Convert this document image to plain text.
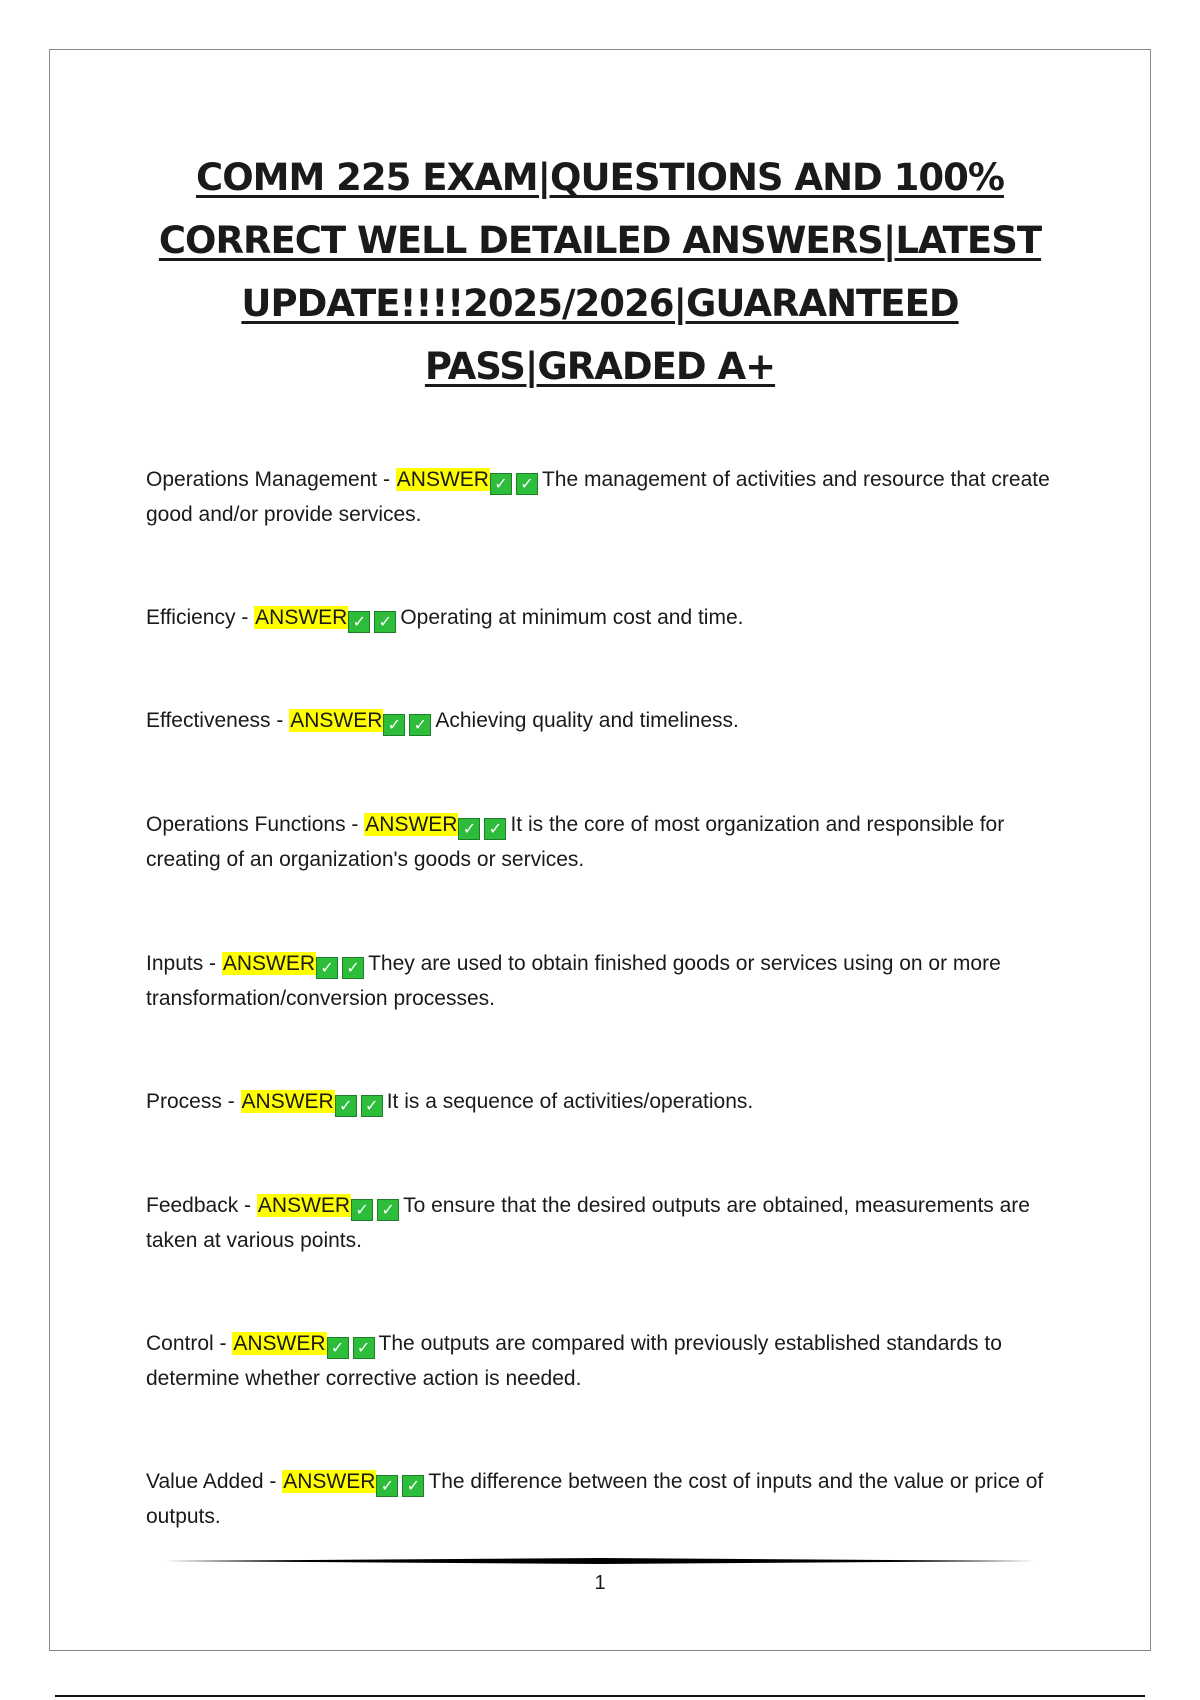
COMM 225 EXAM|QUESTIONS AND 100%
CORRECT WELL DETAILED ANSWERS|LATEST
UPDATE!!!!2025/2026|GUARANTEED
PASS|GRADED A+

Operations Management - ANSWER ✓ ✓ The management of activities and resource that create good and/or provide services.

Efficiency - ANSWER ✓ ✓ Operating at minimum cost and time.

Effectiveness - ANSWER ✓ ✓ Achieving quality and timeliness.

Operations Functions - ANSWER ✓ ✓ It is the core of most organization and responsible for creating of an organization's goods or services.

Inputs - ANSWER ✓ ✓ They are used to obtain finished goods or services using on or more transformation/conversion processes.

Process - ANSWER ✓ ✓ It is a sequence of activities/operations.

Feedback - ANSWER ✓ ✓ To ensure that the desired outputs are obtained, measurements are taken at various points.

Control - ANSWER ✓ ✓ The outputs are compared with previously established standards to determine whether corrective action is needed.

Value Added - ANSWER ✓ ✓ The difference between the cost of inputs and the value or price of outputs.

1
